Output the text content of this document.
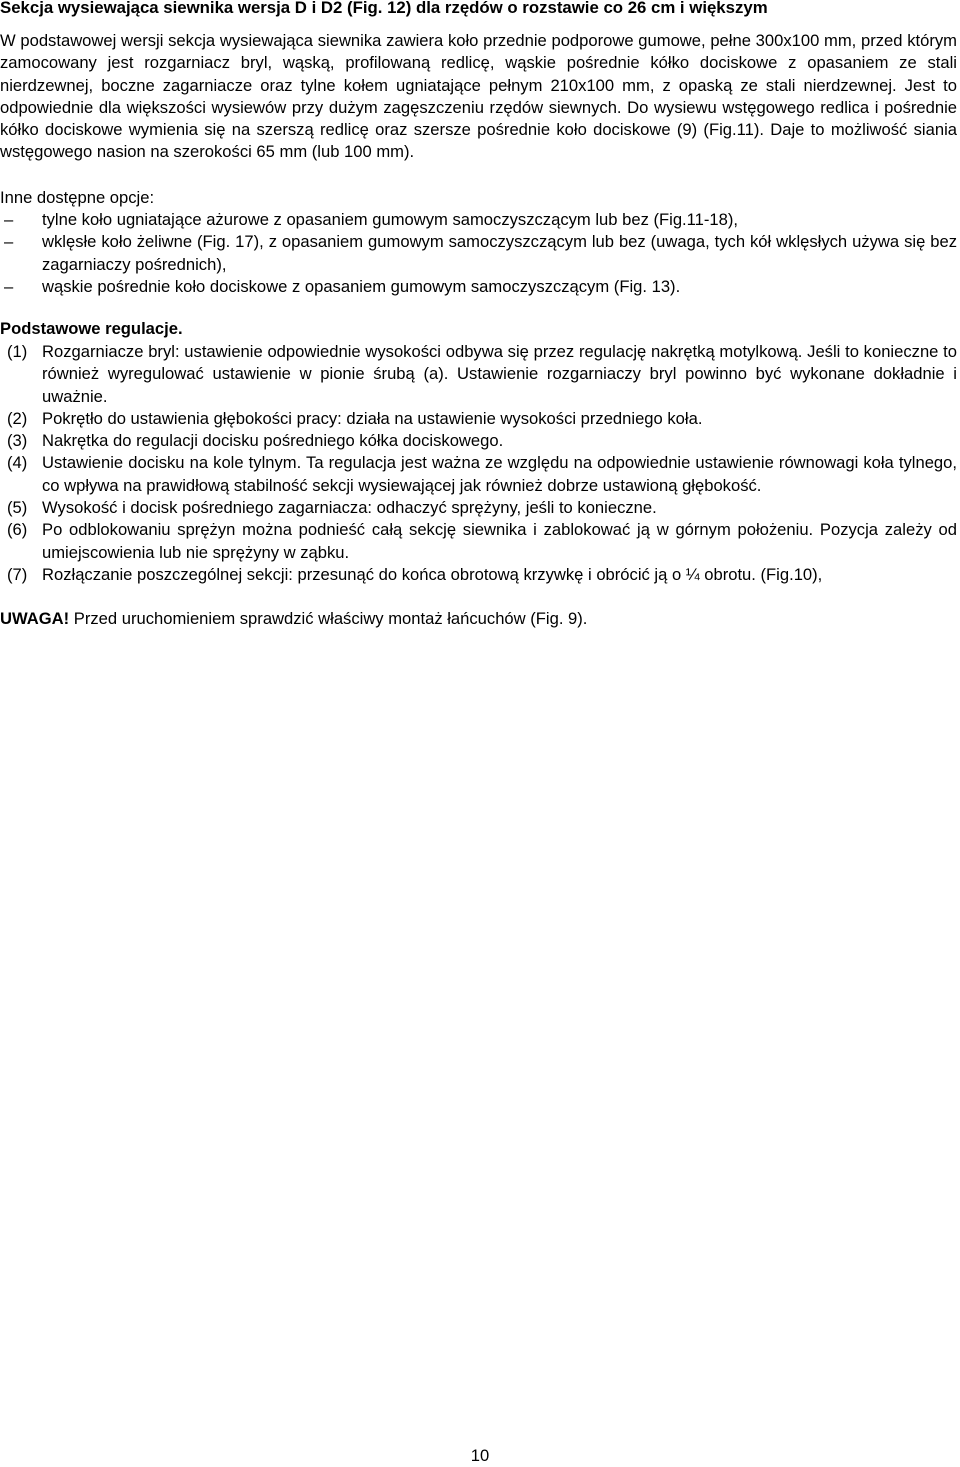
Sekcja wysiewająca siewnika wersja D i D2 (Fig. 12) dla rzędów o rozstawie co 26 cm i większym

W podstawowej wersji sekcja wysiewająca siewnika zawiera koło przednie podporowe gumowe, pełne 300x100 mm, przed którym zamocowany jest rozgarniacz bryl, wąską, profilowaną redlicę, wąskie pośrednie kółko dociskowe z opasaniem ze stali nierdzewnej, boczne zagarniacze oraz tylne kołem ugniatające pełnym 210x100 mm, z opaską ze stali nierdzewnej. Jest to odpowiednie dla większości wysiewów przy dużym zagęszczeniu rzędów siewnych. Do wysiewu wstęgowego redlica i pośrednie kółko dociskowe wymienia się na szerszą redlicę oraz szersze pośrednie koło dociskowe (9) (Fig.11). Daje to możliwość siania wstęgowego nasion na szerokości 65 mm (lub 100 mm).

Inne dostępne opcje:

–	tylne koło ugniatające ażurowe z opasaniem gumowym samoczyszczącym lub bez (Fig.11-18),
–	wklęsłe koło żeliwne (Fig. 17), z opasaniem gumowym samoczyszczącym lub bez (uwaga, tych kół wklęsłych używa się bez zagarniaczy pośrednich),
–	wąskie pośrednie koło dociskowe z opasaniem gumowym samoczyszczącym (Fig. 13).

Podstawowe regulacje.

(1) Rozgarniacze bryl: ustawienie odpowiednie wysokości odbywa się przez regulację nakrętką motylkową. Jeśli to konieczne to również wyregulować ustawienie w pionie śrubą (a). Ustawienie rozgarniaczy bryl powinno być wykonane dokładnie i uważnie.
(2) Pokrętło do ustawienia głębokości pracy: działa na ustawienie wysokości przedniego koła.
(3) Nakrętka do regulacji docisku pośredniego kółka dociskowego.
(4) Ustawienie docisku na kole tylnym. Ta regulacja jest ważna ze względu na odpowiednie ustawienie równowagi koła tylnego, co wpływa na prawidłową stabilność sekcji wysiewającej jak również dobrze ustawioną głębokość.
(5) Wysokość i docisk pośredniego zagarniacza: odhaczyć sprężyny, jeśli to konieczne.
(6) Po odblokowaniu sprężyn można podnieść całą sekcję siewnika i zablokować ją w górnym położeniu. Pozycja zależy od umiejscowienia lub nie sprężyny w ząbku.
(7) Rozłączanie poszczególnej sekcji: przesunąć do końca obrotową krzywkę i obrócić ją o ¼ obrotu. (Fig.10),

UWAGA! Przed uruchomieniem sprawdzić właściwy montaż łańcuchów (Fig. 9).

10
